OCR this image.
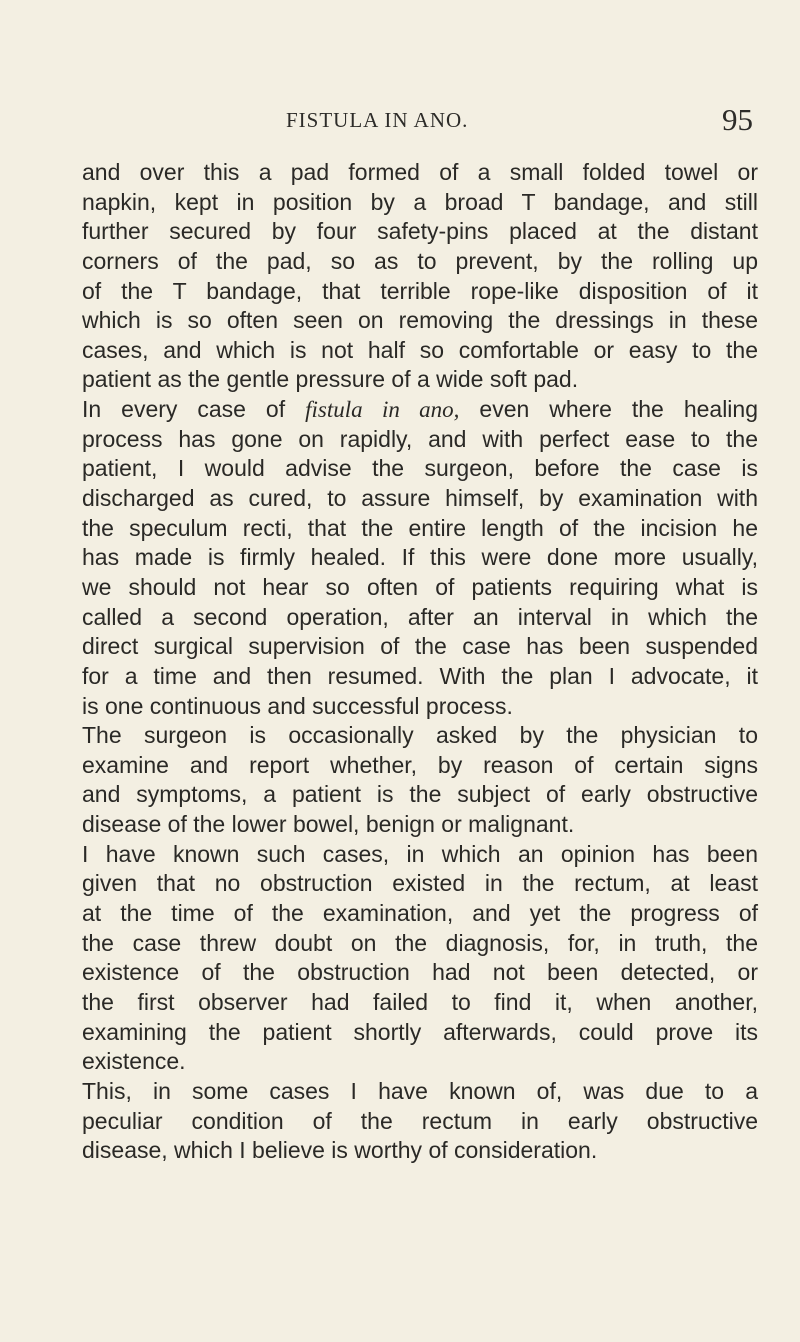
FISTULA IN ANO.	95
and over this a pad formed of a small folded towel or
napkin, kept in position by a broad T bandage, and still
further secured by four safety-pins placed at the distant
corners of the pad, so as to prevent, by the rolling up
of the T bandage, that terrible rope-like disposition of it
which is so often seen on removing the dressings in these
cases, and which is not half so comfortable or easy to the
patient as the gentle pressure of a wide soft pad.
In every case of fistula in ano, even where the healing
process has gone on rapidly, and with perfect ease to the
patient, I would advise the surgeon, before the case is
discharged as cured, to assure himself, by examination with
the speculum recti, that the entire length of the incision he
has made is firmly healed. If this were done more usually,
we should not hear so often of patients requiring what is
called a second operation, after an interval in which the
direct surgical supervision of the case has been suspended
for a time and then resumed. With the plan I advocate, it
is one continuous and successful process.
The surgeon is occasionally asked by the physician to
examine and report whether, by reason of certain signs
and symptoms, a patient is the subject of early obstructive
disease of the lower bowel, benign or malignant.
I have known such cases, in which an opinion has been
given that no obstruction existed in the rectum, at least
at the time of the examination, and yet the progress of
the case threw doubt on the diagnosis, for, in truth, the
existence of the obstruction had not been detected, or
the first observer had failed to find it, when another,
examining the patient shortly afterwards, could prove its
existence.
This, in some cases I have known of, was due to a
peculiar condition of the rectum in early obstructive
disease, which I believe is worthy of consideration.
